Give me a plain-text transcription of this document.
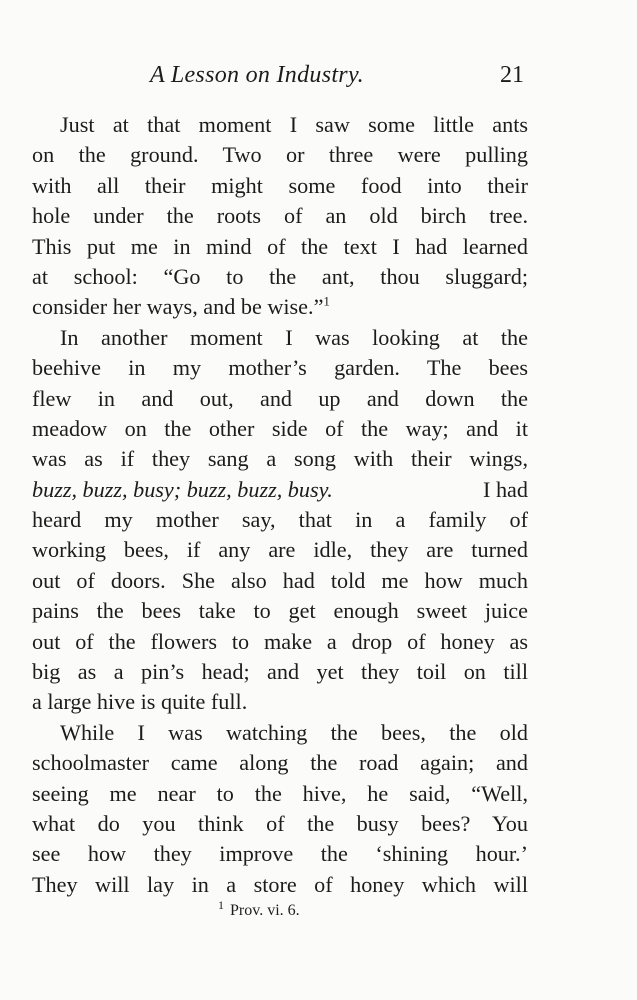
A Lesson on Industry.	21
Just at that moment I saw some little ants
on the ground. Two or three were pulling
with all their might some food into their
hole under the roots of an old birch tree.
This put me in mind of the text I had learned
at school: “Go to the ant, thou sluggard;
consider her ways, and be wise.”$^1$
In another moment I was looking at the
beehive in my mother’s garden. The bees
flew in and out, and up and down the
meadow on the other side of the way; and it
was as if they sang a song with their wings,
buzz, buzz, busy; buzz, buzz, busy.	I had
heard my mother say, that in a family of
working bees, if any are idle, they are turned
out of doors. She also had told me how much
pains the bees take to get enough sweet juice
out of the flowers to make a drop of honey as
big as a pin’s head; and yet they toil on till
a large hive is quite full.
While I was watching the bees, the old
schoolmaster came along the road again; and
seeing me near to the hive, he said, “Well,
what do you think of the busy bees? You
see how they improve the ‘shining hour.’
They will lay in a store of honey which will
$^1$ Prov. vi. 6.
